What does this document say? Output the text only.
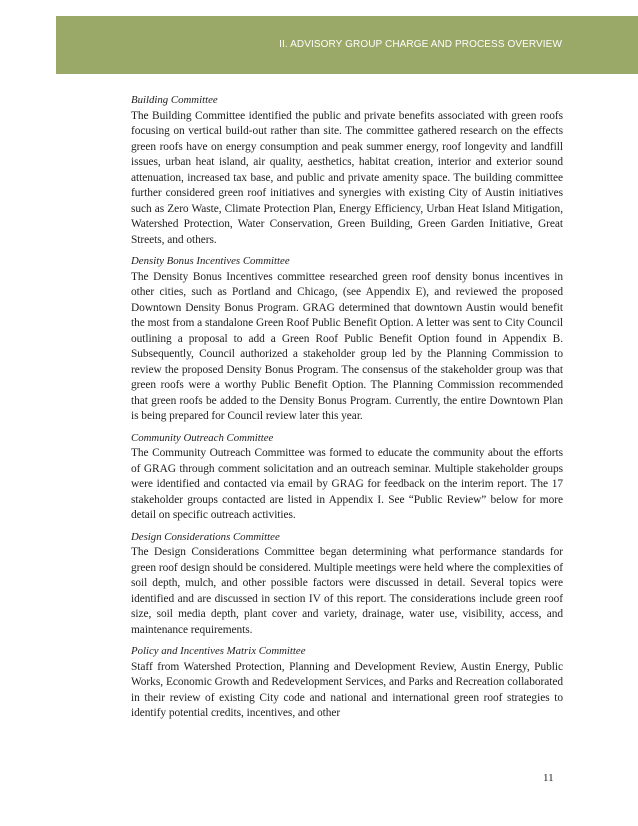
II. ADVISORY GROUP CHARGE AND PROCESS OVERVIEW

Building Committee

The Building Committee identified the public and private benefits associated with green roofs focusing on vertical build-out rather than site. The committee gathered research on the effects green roofs have on energy consumption and peak summer energy, roof longevity and landfill issues, urban heat island, air quality, aesthetics, habitat creation, interior and exterior sound attenuation, increased tax base, and public and private amenity space. The building committee further considered green roof initiatives and synergies with existing City of Austin initiatives such as Zero Waste, Climate Protection Plan, Energy Efficiency, Urban Heat Island Mitigation, Watershed Protection, Water Conservation, Green Building, Green Garden Initiative, Great Streets, and others.

Density Bonus Incentives Committee

The Density Bonus Incentives committee researched green roof density bonus incentives in other cities, such as Portland and Chicago, (see Appendix E), and reviewed the proposed Downtown Density Bonus Program. GRAG determined that downtown Austin would benefit the most from a standalone Green Roof Public Benefit Option. A letter was sent to City Council outlining a proposal to add a Green Roof Public Benefit Option found in Appendix B. Subsequently, Council authorized a stakeholder group led by the Planning Commission to review the proposed Density Bonus Program. The consensus of the stakeholder group was that green roofs were a worthy Public Benefit Option. The Planning Commission recommended that green roofs be added to the Density Bonus Program. Currently, the entire Downtown Plan is being prepared for Council review later this year.

Community Outreach Committee

The Community Outreach Committee was formed to educate the community about the efforts of GRAG through comment solicitation and an outreach seminar. Multiple stakeholder groups were identified and contacted via email by GRAG for feedback on the interim report. The 17 stakeholder groups contacted are listed in Appendix I. See “Public Review” below for more detail on specific outreach activities.

Design Considerations Committee

The Design Considerations Committee began determining what performance standards for green roof design should be considered. Multiple meetings were held where the complexities of soil depth, mulch, and other possible factors were discussed in detail. Several topics were identified and are discussed in section IV of this report. The considerations include green roof size, soil media depth, plant cover and variety, drainage, water use, visibility, access, and maintenance requirements.

Policy and Incentives Matrix Committee

Staff from Watershed Protection, Planning and Development Review, Austin Energy, Public Works, Economic Growth and Redevelopment Services, and Parks and Recreation collaborated in their review of existing City code and national and international green roof strategies to identify potential credits, incentives, and other

11
